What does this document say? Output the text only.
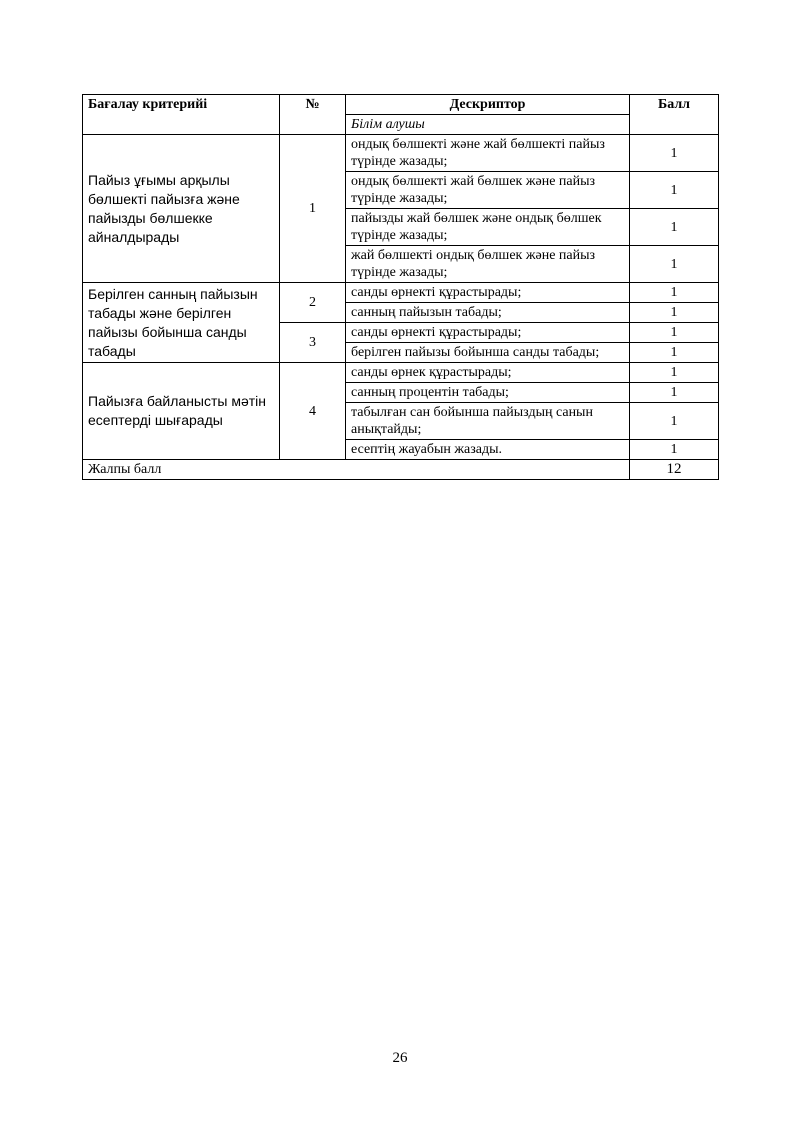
Бағалау критерийі	№	Дескриптор	Балл
		Білім алушы	
Пайыз ұғымы арқылы бөлшекті пайызға және пайызды бөлшекке айналдырады	1	ондық бөлшекті және жай бөлшекті пайыз түрінде жазады;	1
		ондық бөлшекті жай бөлшек және пайыз түрінде жазады;	1
		пайызды жай бөлшек және ондық бөлшек түрінде жазады;	1
		жай бөлшекті ондық бөлшек және пайыз түрінде жазады;	1
Берілген санның пайызын табады және берілген пайызы бойынша санды табады	2	санды өрнекті құрастырады;	1
		санның пайызын табады;	1
	3	санды өрнекті құрастырады;	1
		берілген пайызы бойынша санды табады;	1
Пайызға байланысты мәтін есептерді шығарады	4	санды өрнек құрастырады;	1
		санның процентін табады;	1
		табылған сан бойынша пайыздың санын анықтайды;	1
		есептің жауабын жазады.	1
Жалпы балл			12
26
